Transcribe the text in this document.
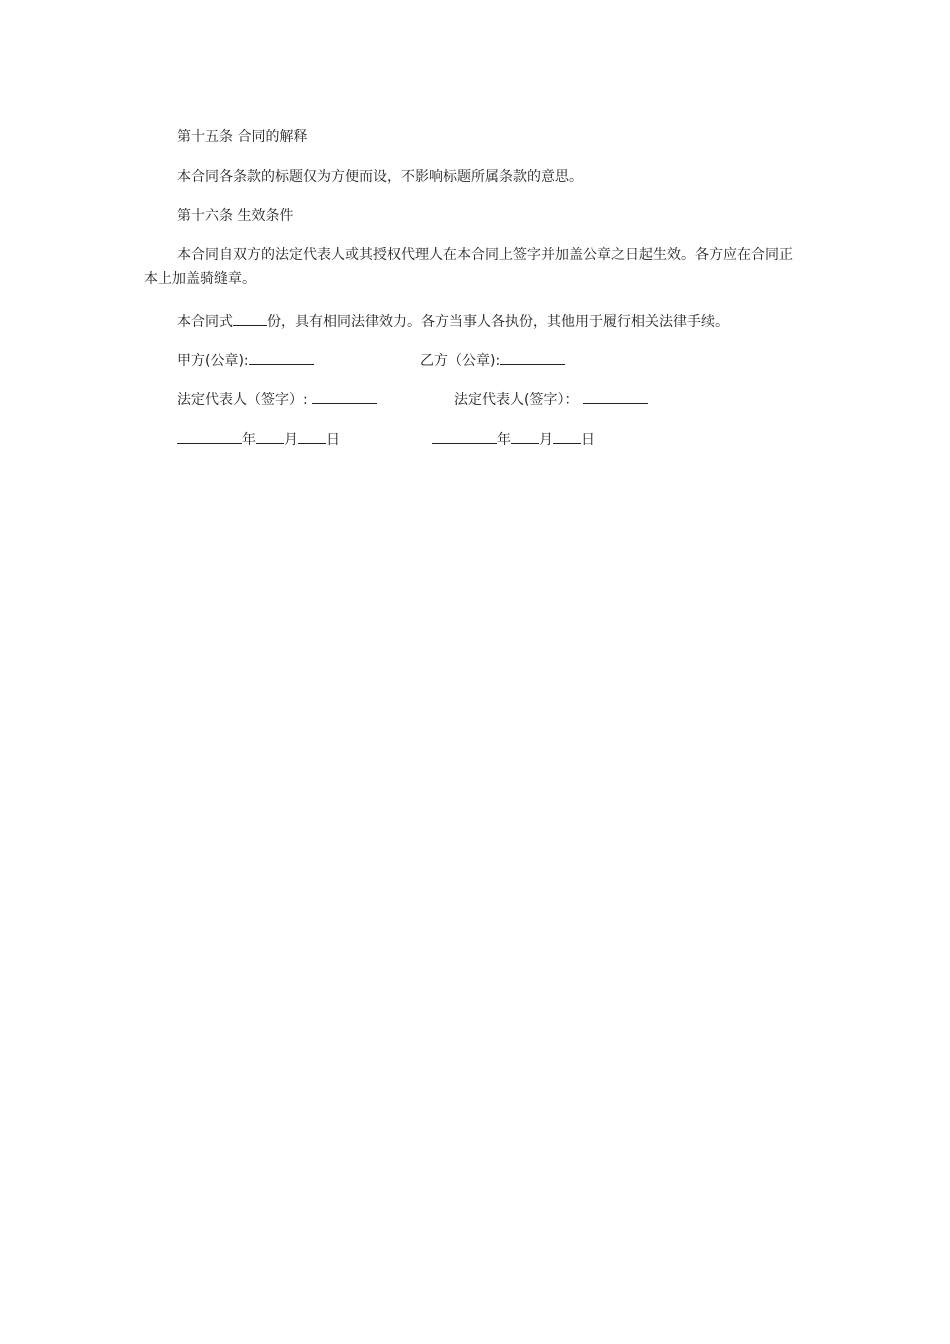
第十五条 合同的解释
本合同各条款的标题仅为方便而设，不影响标题所属条款的意思。
第十六条 生效条件
本合同自双方的法定代表人或其授权代理人在本合同上签字并加盖公章之日起生效。各方应在合同正本上加盖骑缝章。
本合同式 份，具有相同法律效力。各方当事人各执份，其他用于履行相关法律手续。
甲方(公章):	乙方（公章):
法定代表人（签字）:	法定代表人(签字）：
年 月 日	年 月 日
